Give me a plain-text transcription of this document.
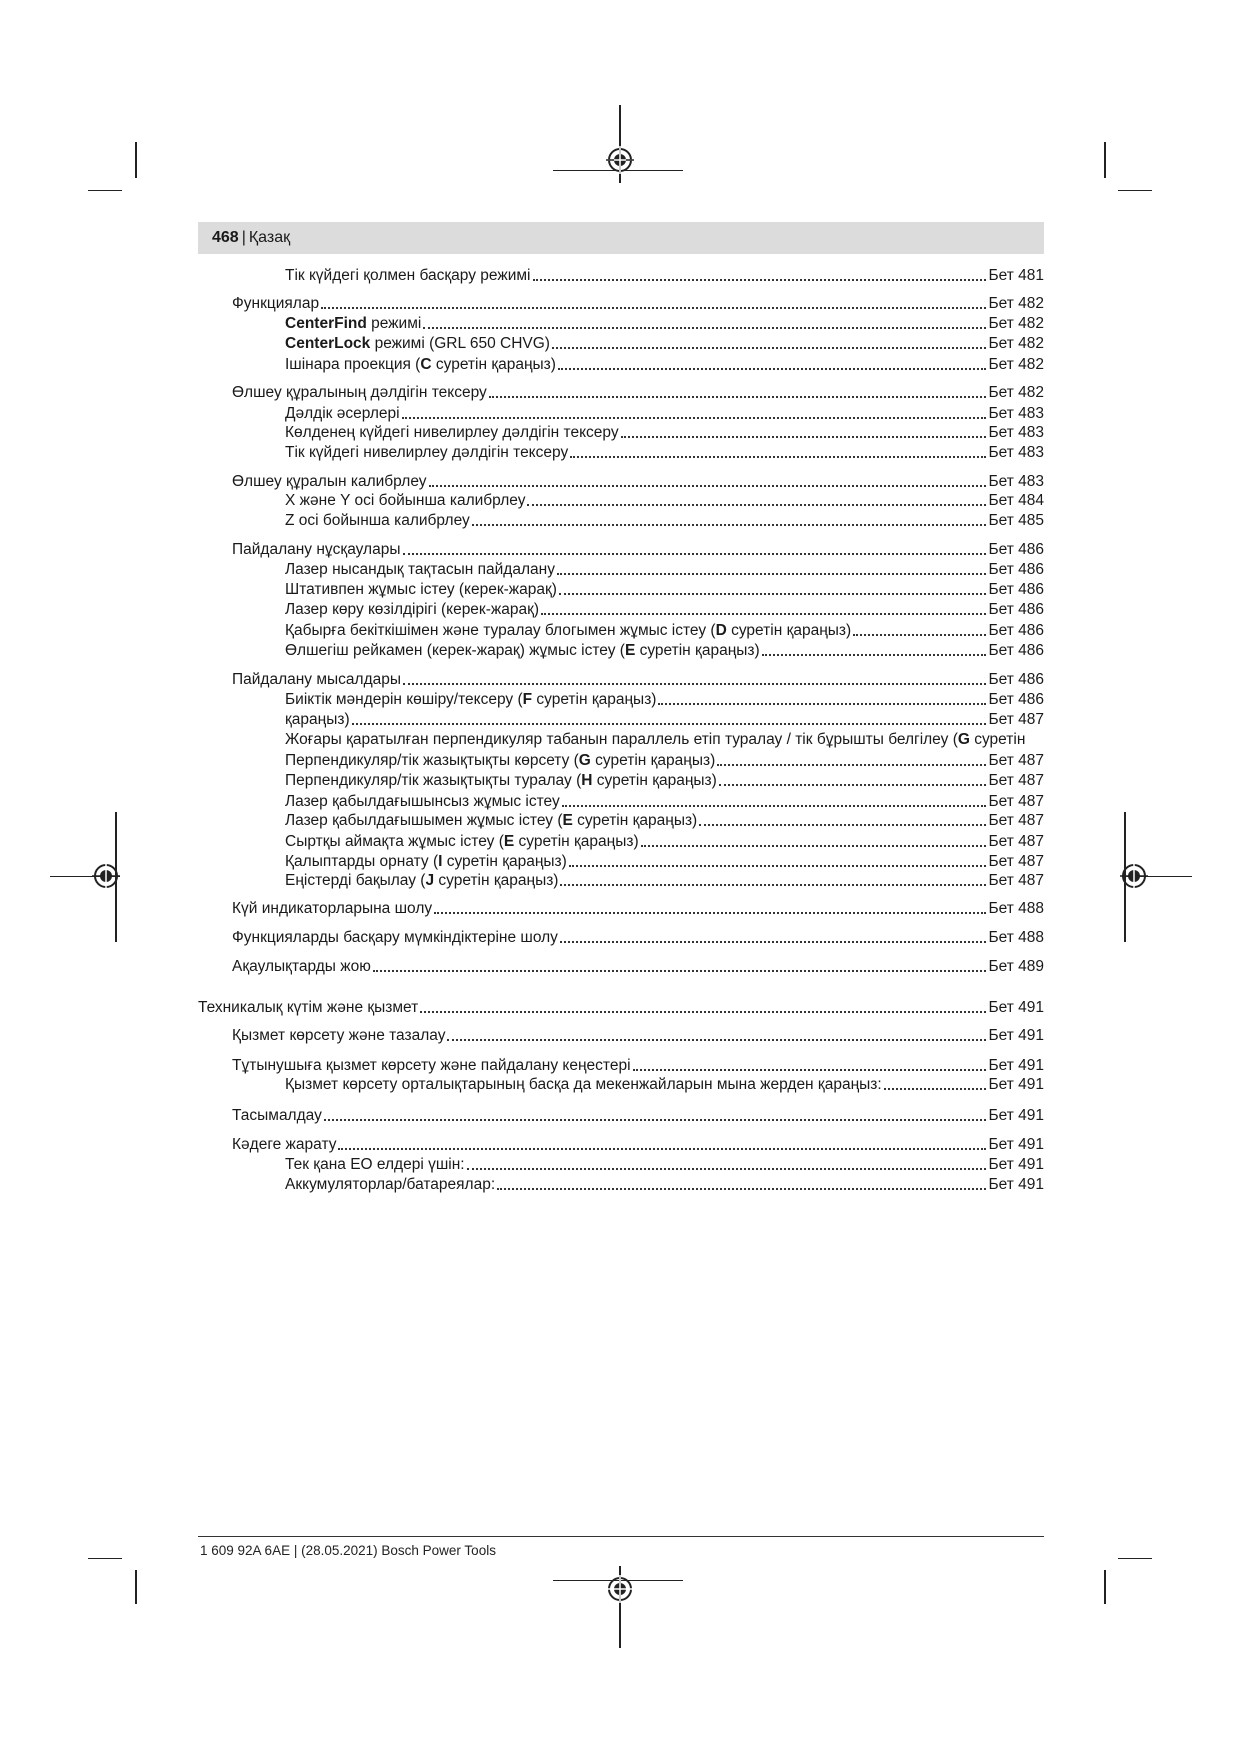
468 | Қазақ
Тік күйдегі қолмен басқару режимі	Бет 481
Функциялар	Бет 482
CenterFind режимі	Бет 482
CenterLock режимі (GRL 650 CHVG)	Бет 482
Ішінара проекция (C суретін қараңыз)	Бет 482
Өлшеу құралының дәлдігін тексеру	Бет 482
Дәлдік әсерлері	Бет 483
Көлденең күйдегі нивелирлеу дәлдігін тексеру	Бет 483
Тік күйдегі нивелирлеу дәлдігін тексеру	Бет 483
Өлшеу құралын калибрлеу	Бет 483
X және Y осі бойынша калибрлеу	Бет 484
Z осі бойынша калибрлеу	Бет 485
Пайдалану нұсқаулары	Бет 486
Лазер нысандық тақтасын пайдалану	Бет 486
Штативпен жұмыс істеу (керек-жарақ)	Бет 486
Лазер көру көзілдірігі (керек-жарақ)	Бет 486
Қабырға бекіткішімен және туралау блогымен жұмыс істеу (D суретін қараңыз)	Бет 486
Өлшегіш рейкамен (керек-жарақ) жұмыс істеу (E суретін қараңыз)	Бет 486
Пайдалану мысалдары	Бет 486
Биіктік мәндерін көшіру/тексеру (F суретін қараңыз)	Бет 486
Жоғары қаратылған перпендикуляр табанын параллель етіп туралау / тік бұрышты белгілеу (G суретін
қараңыз)	Бет 487
Перпендикуляр/тік жазықтықты көрсету (G суретін қараңыз)	Бет 487
Перпендикуляр/тік жазықтықты туралау (H суретін қараңыз)	Бет 487
Лазер қабылдағышынсыз жұмыс істеу	Бет 487
Лазер қабылдағышымен жұмыс істеу (E суретін қараңыз)	Бет 487
Сыртқы аймақта жұмыс істеу (E суретін қараңыз)	Бет 487
Қалыптарды орнату (I суретін қараңыз)	Бет 487
Еңістерді бақылау (J суретін қараңыз)	Бет 487
Күй индикаторларына шолу	Бет 488
Функцияларды басқару мүмкіндіктеріне шолу	Бет 488
Ақаулықтарды жою	Бет 489
Техникалық күтім және қызмет	Бет 491
Қызмет көрсету және тазалау	Бет 491
Тұтынушыға қызмет көрсету және пайдалану кеңестері	Бет 491
Қызмет көрсету орталықтарының басқа да мекенжайларын мына жерден қараңыз:	Бет 491
Тасымалдау	Бет 491
Кәдеге жарату	Бет 491
Тек қана ЕО елдері үшін:	Бет 491
Аккумуляторлар/батареялар:	Бет 491
1 609 92A 6AE | (28.05.2021) Bosch Power Tools
